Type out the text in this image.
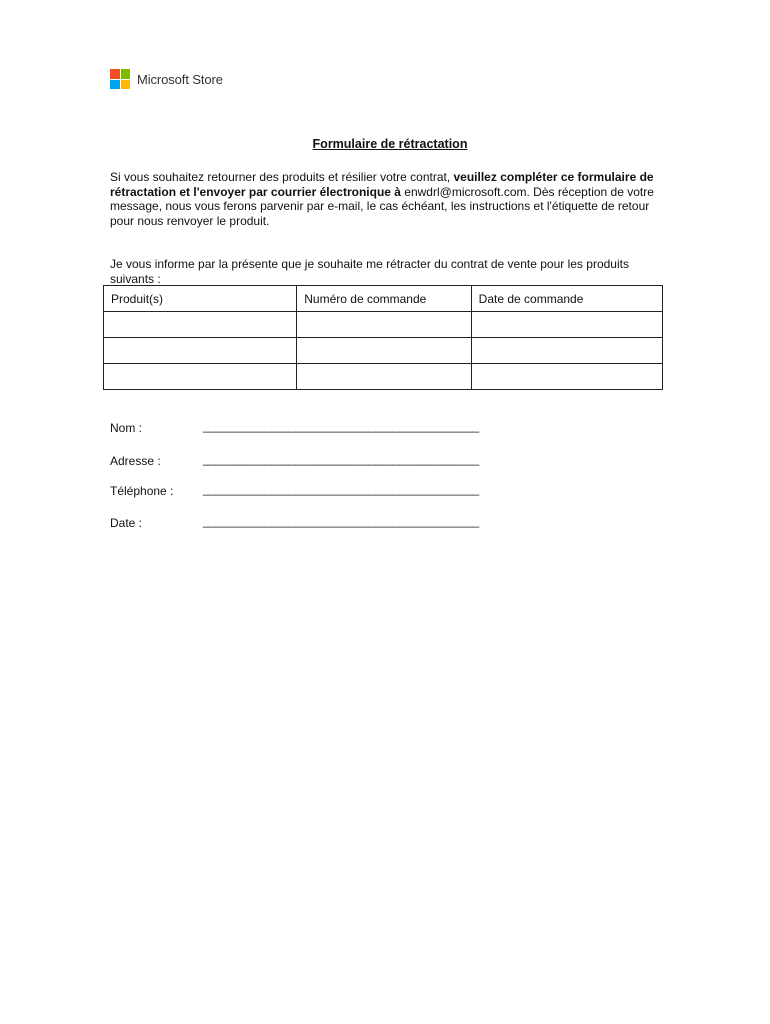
Microsoft Store
Formulaire de rétractation
Si vous souhaitez retourner des produits et résilier votre contrat, veuillez compléter ce formulaire de rétractation et l'envoyer par courrier électronique à enwdrl@microsoft.com. Dès réception de votre message, nous vous ferons parvenir par e-mail, le cas échéant, les instructions et l'étiquette de retour pour nous renvoyer le produit.
Je vous informe par la présente que je souhaite me rétracter du contrat de vente pour les produits suivants :
Produit(s)	Numéro de commande	Date de commande

Nom :	_____________________________________________
Adresse :	_____________________________________________
Téléphone : _____________________________________________
Date :	_____________________________________________
